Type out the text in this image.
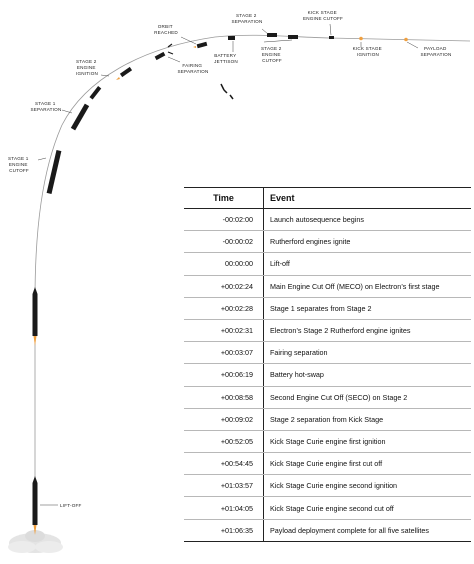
LIFT-OFF
STAGE 1 ENGINE CUTOFF
STAGE 1 SEPARATION
STAGE 2 ENGINE IGNITION
FAIRING SEPARATION
ORBIT REACHED
BATTERY JETTISON
STAGE 2 SEPARATION
STAGE 2 ENGINE CUTOFF
KICK STAGE ENGINE CUTOFF
KICK STAGE IGNITION
PAYLOAD SEPARATION
Time	Event
-00:02:00	Launch autosequence begins
-00:00:02	Rutherford engines ignite
00:00:00	Lift-off
+00:02:24	Main Engine Cut Off (MECO) on Electron’s first stage
+00:02:28	Stage 1 separates from Stage 2
+00:02:31	Electron’s Stage 2 Rutherford engine ignites
+00:03:07	Fairing separation
+00:06:19	Battery hot-swap
+00:08:58	Second Engine Cut Off (SECO) on Stage 2
+00:09:02	Stage 2 separation from Kick Stage
+00:52:05	Kick Stage Curie engine first ignition
+00:54:45	Kick Stage Curie engine first cut off
+01:03:57	Kick Stage Curie engine second ignition
+01:04:05	Kick Stage Curie engine second cut off
+01:06:35	Payload deployment complete for all five satellites
